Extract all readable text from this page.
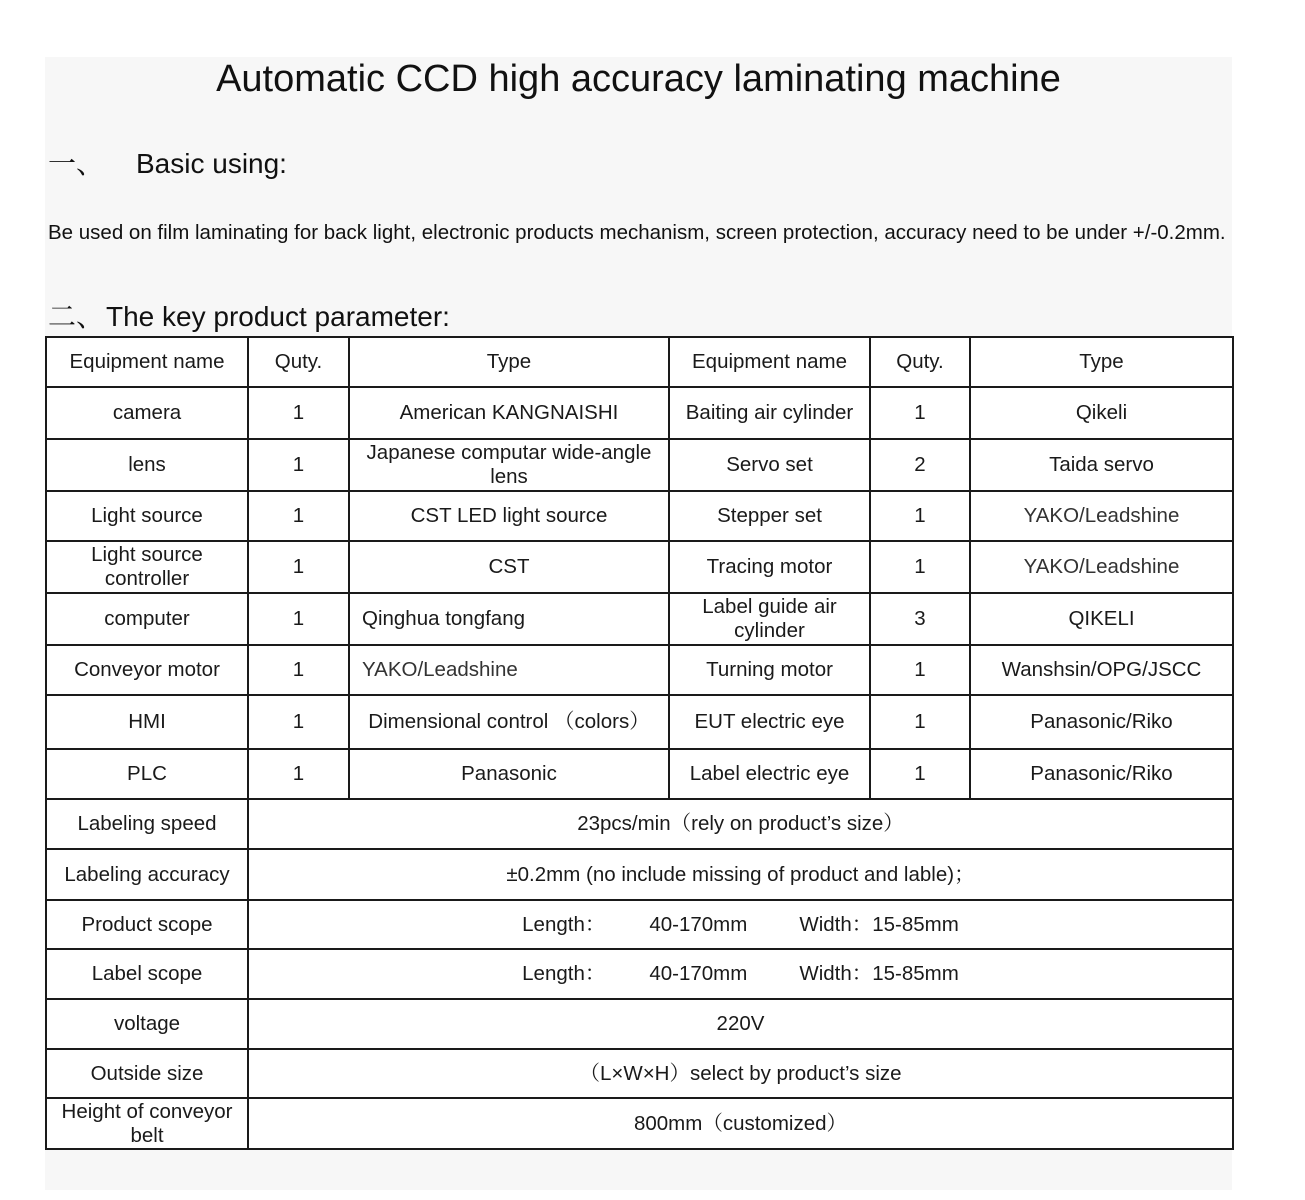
Automatic CCD high accuracy laminating machine
一、 Basic using:
Be used on film laminating for back light, electronic products mechanism, screen protection, accuracy need to be under +/-0.2mm.
二、The key product parameter:
Equipment name	Quty.	Type	Equipment name	Quty.	Type
camera	1	American KANGNAISHI	Baiting air cylinder	1	Qikeli
lens	1	Japanese computar wide-angle lens	Servo set	2	Taida servo
Light source	1	CST LED light source	Stepper set	1	YAKO/Leadshine
Light source controller	1	CST	Tracing motor	1	YAKO/Leadshine
computer	1	Qinghua tongfang	Label guide air cylinder	3	QIKELI
Conveyor motor	1	YAKO/Leadshine	Turning motor	1	Wanshsin/OPG/JSCC
HMI	1	Dimensional control （colors）	EUT electric eye	1	Panasonic/Riko
PLC	1	Panasonic	Label electric eye	1	Panasonic/Riko
Labeling speed	23pcs/min（rely on product’s size）				
Labeling accuracy	±0.2mm (no include missing of product and lable)；				
Product scope	Length： 40-170mm Width：15-85mm				
Label scope	Length： 40-170mm Width：15-85mm				
voltage	220V				
Outside size	（L×W×H）select by product’s size				
Height of conveyor belt	800mm（customized）				
